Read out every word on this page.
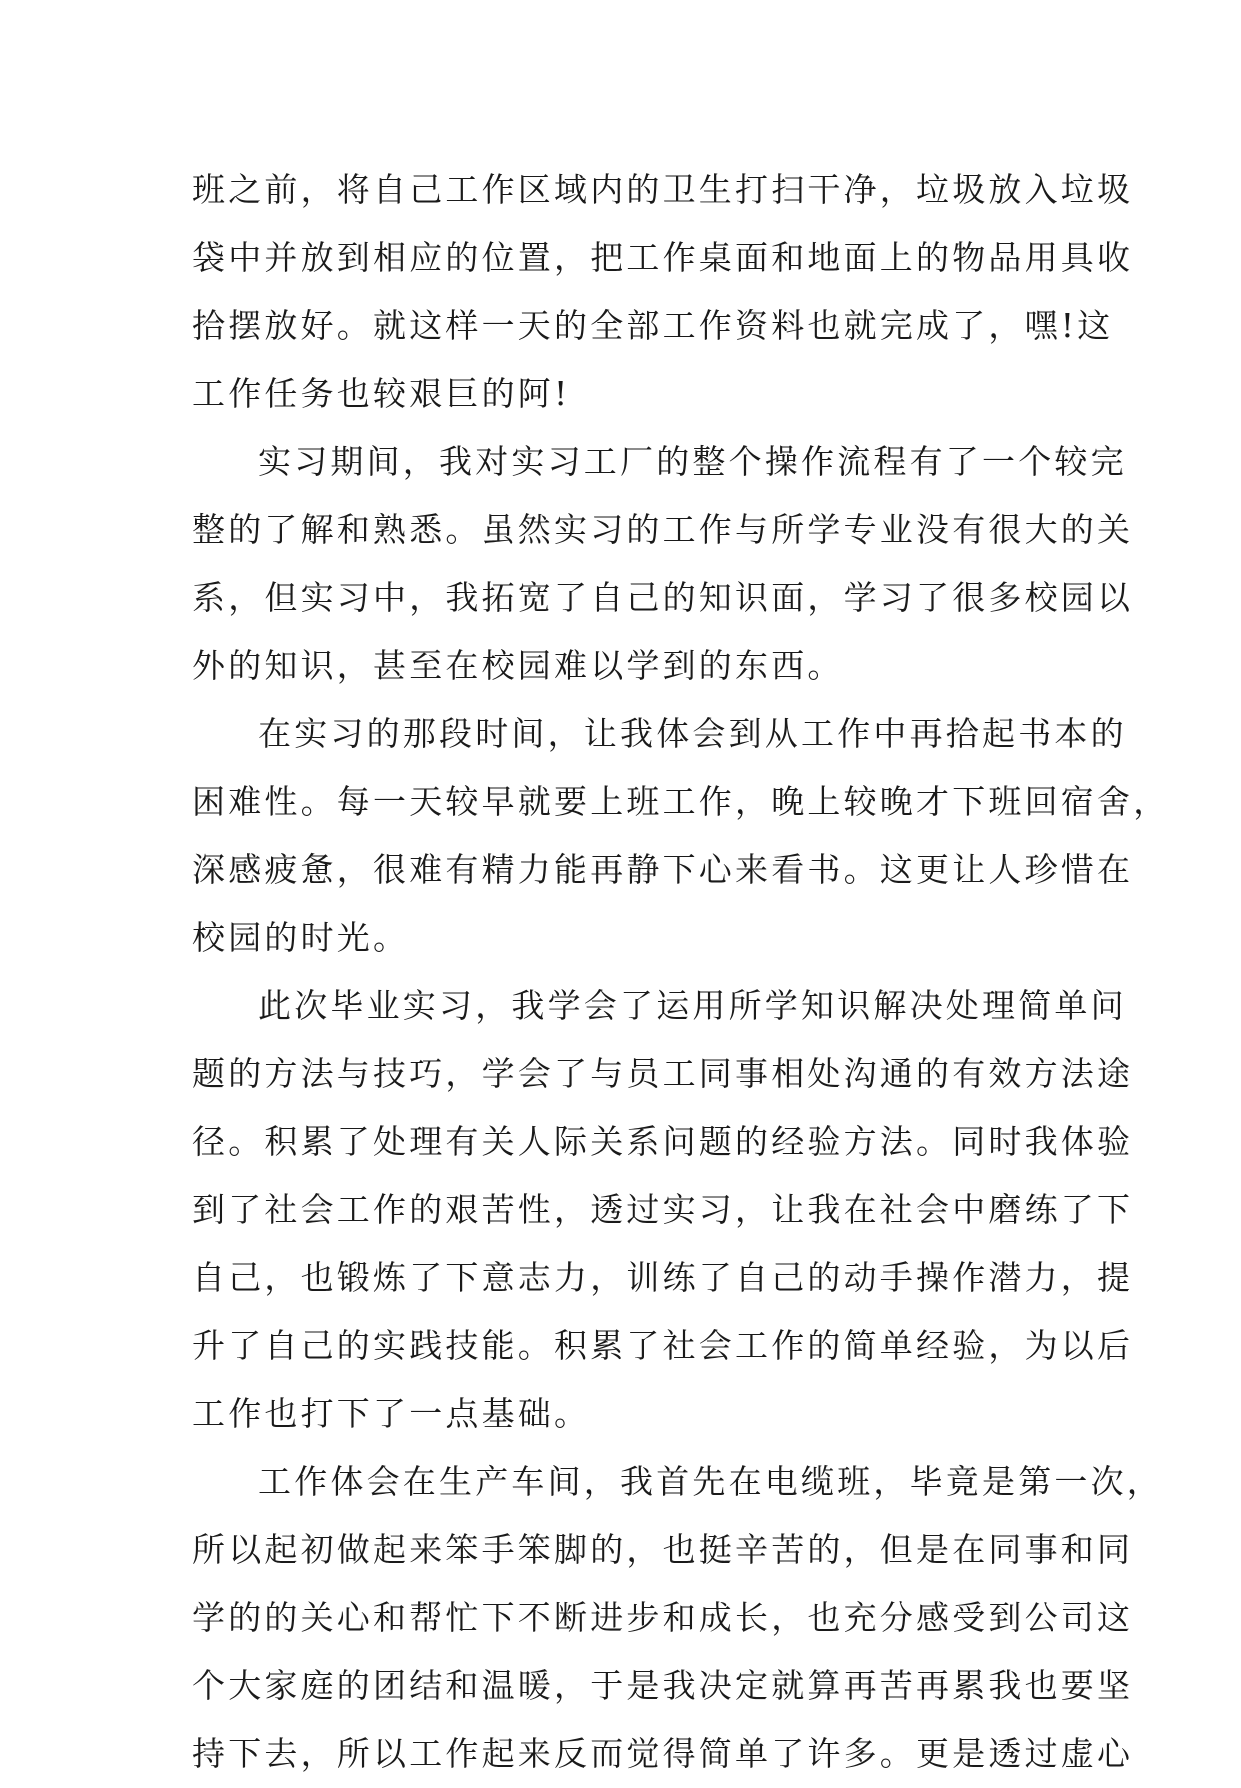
班之前，将自己工作区域内的卫生打扫干净，垃圾放入垃圾
袋中并放到相应的位置，把工作桌面和地面上的物品用具收
拾摆放好。就这样一天的全部工作资料也就完成了，嘿!这
工作任务也较艰巨的阿!

实习期间，我对实习工厂的整个操作流程有了一个较完
整的了解和熟悉。虽然实习的工作与所学专业没有很大的关
系，但实习中，我拓宽了自己的知识面，学习了很多校园以
外的知识，甚至在校园难以学到的东西。

在实习的那段时间，让我体会到从工作中再拾起书本的
困难性。每一天较早就要上班工作，晚上较晚才下班回宿舍，
深感疲惫，很难有精力能再静下心来看书。这更让人珍惜在
校园的时光。

此次毕业实习，我学会了运用所学知识解决处理简单问
题的方法与技巧，学会了与员工同事相处沟通的有效方法途
径。积累了处理有关人际关系问题的经验方法。同时我体验
到了社会工作的艰苦性，透过实习，让我在社会中磨练了下
自己，也锻炼了下意志力，训练了自己的动手操作潜力，提
升了自己的实践技能。积累了社会工作的简单经验，为以后
工作也打下了一点基础。

工作体会在生产车间，我首先在电缆班，毕竟是第一次，
所以起初做起来笨手笨脚的，也挺辛苦的，但是在同事和同
学的的关心和帮忙下不断进步和成长，也充分感受到公司这
个大家庭的团结和温暖，于是我决定就算再苦再累我也要坚
持下去，所以工作起来反而觉得简单了许多。更是透过虚心
